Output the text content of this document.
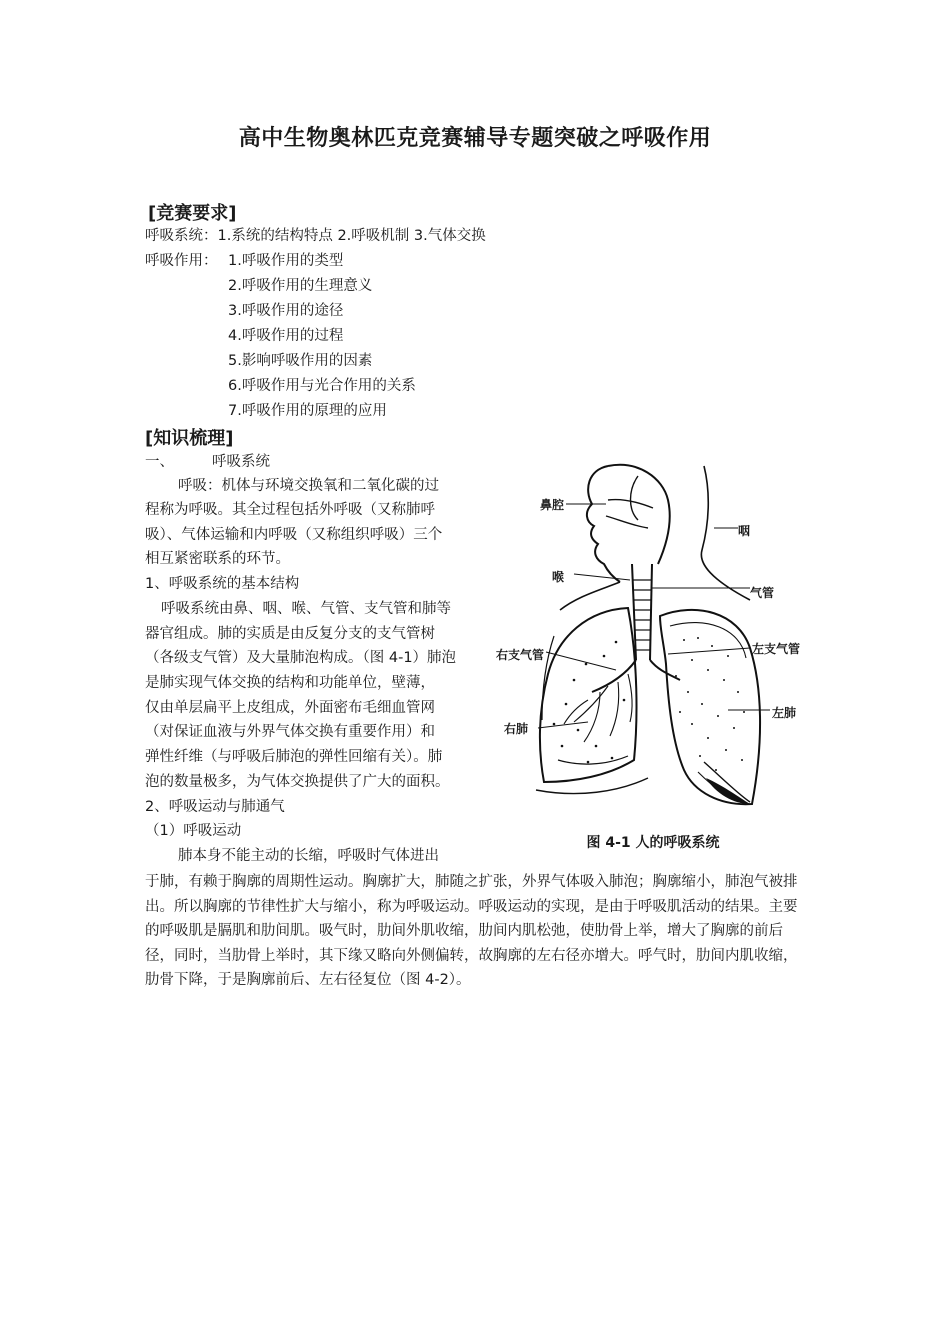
高中生物奥林匹克竞赛辅导专题突破之呼吸作用
[竞赛要求]
呼吸系统：1.系统的结构特点 2.呼吸机制 3.气体交换
呼吸作用： 1.呼吸作用的类型
2.呼吸作用的生理意义
3.呼吸作用的途径
4.呼吸作用的过程
5.影响呼吸作用的因素
6.呼吸作用与光合作用的关系
7.呼吸作用的原理的应用
[知识梳理]
一、	呼吸系统
呼吸：机体与环境交换氧和二氧化碳的过
程称为呼吸。其全过程包括外呼吸（又称肺呼
吸）、气体运输和内呼吸（又称组织呼吸）三个
相互紧密联系的环节。
1、呼吸系统的基本结构
呼吸系统由鼻、咽、喉、气管、支气管和肺等
器官组成。肺的实质是由反复分支的支气管树
（各级支气管）及大量肺泡构成。（图 4-1）肺泡
是肺实现气体交换的结构和功能单位，壁薄，
仅由单层扁平上皮组成，外面密布毛细血管网
（对保证血液与外界气体交换有重要作用）和
弹性纤维（与呼吸后肺泡的弹性回缩有关）。肺
泡的数量极多，为气体交换提供了广大的面积。
2、呼吸运动与肺通气
（1）呼吸运动
肺本身不能主动的长缩，呼吸时气体进出

于肺，有赖于胸廓的周期性运动。胸廓扩大，肺随之扩张，外界气体吸入肺泡；胸廓缩小，肺泡气被排出。所以胸廓的节律性扩大与缩小，称为呼吸运动。呼吸运动的实现，是由于呼吸肌活动的结果。主要的呼吸肌是膈肌和肋间肌。吸气时，肋间外肌收缩，肋间内肌松弛，使肋骨上举，增大了胸廓的前后径，同时，当肋骨上举时，其下缘又略向外侧偏转，故胸廓的左右径亦增大。呼气时，肋间内肌收缩，肋骨下降，于是胸廓前后、左右径复位（图 4-2）。

鼻腔
咽
喉
气管
右支气管	左支气管
右肺
左肺
图 4-1 人的呼吸系统
